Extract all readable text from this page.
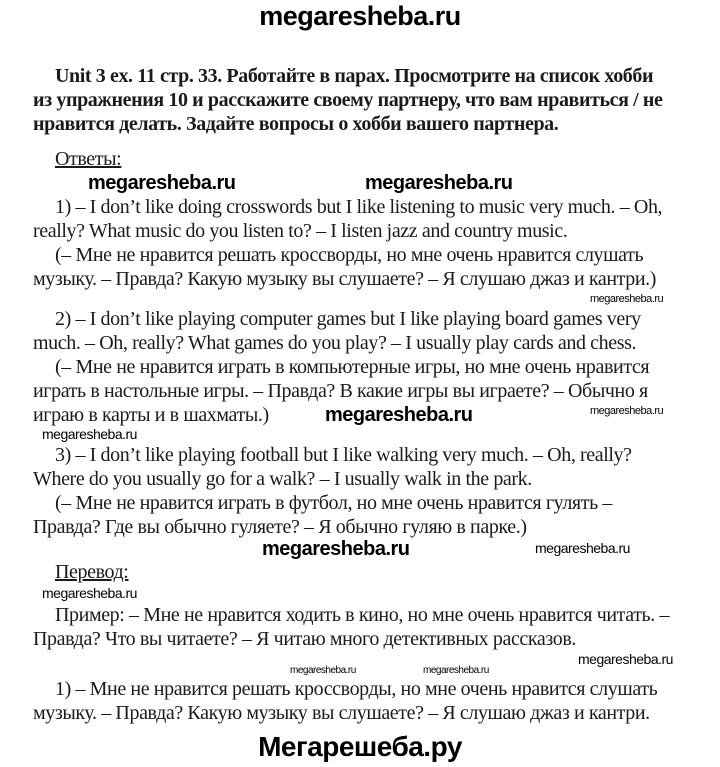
megaresheba.ru
Unit 3 ex. 11 стр. 33. Работайте в парах. Просмотрите на список хобби
из упражнения 10 и расскажите своему партнеру, что вам нравиться / не
нравится делать. Задайте вопросы о хобби вашего партнера.
Ответы:
megaresheba.ru	megaresheba.ru
1) – I don’t like doing crosswords but I like listening to music very much. – Oh,
really? What music do you listen to? – I listen jazz and country music.
(– Мне не нравится решать кроссворды, но мне очень нравится слушать
музыку. – Правда? Какую музыку вы слушаете? – Я слушаю джаз и кантри.)
megaresheba.ru
2) – I don’t like playing computer games but I like playing board games very
much. – Oh, really? What games do you play? – I usually play cards and chess.
(– Мне не нравится играть в компьютерные игры, но мне очень нравится
играть в настольные игры. – Правда? В какие игры вы играете? – Обычно я
играю в карты и в шахматы.)	megaresheba.ru	megaresheba.ru
megaresheba.ru
3) – I don’t like playing football but I like walking very much. – Oh, really?
Where do you usually go for a walk? – I usually walk in the park.
(– Мне не нравится играть в футбол, но мне очень нравится гулять –
Правда? Где вы обычно гуляете? – Я обычно гуляю в парке.)
megaresheba.ru	megaresheba.ru
Перевод:
megaresheba.ru
Пример: – Мне не нравится ходить в кино, но мне очень нравится читать. –
Правда? Что вы читаете? – Я читаю много детективных рассказов.
megaresheba.ru
megaresheba.ru	megaresheba.ru
1) – Мне не нравится решать кроссворды, но мне очень нравится слушать
музыку. – Правда? Какую музыку вы слушаете? – Я слушаю джаз и кантри.
Мегарешеба.ру
